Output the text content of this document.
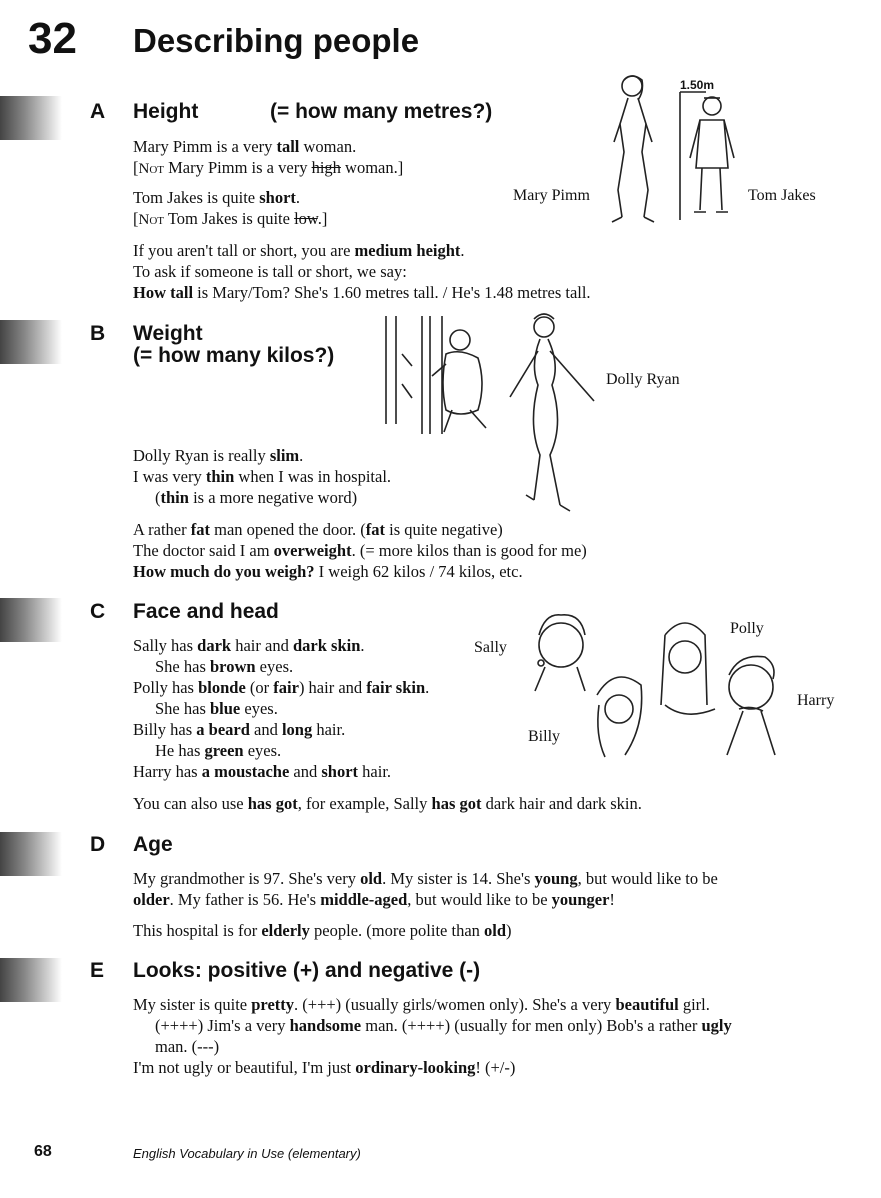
32 Describing people
A Height	(= how many metres?)
Mary Pimm is a very tall woman.
[Not Mary Pimm is a very high woman.]
Tom Jakes is quite short.
[Not Tom Jakes is quite low.]
If you aren't tall or short, you are medium height.
To ask if someone is tall or short, we say:
How tall is Mary/Tom? She's 1.60 metres tall. / He's 1.48 metres tall.
Mary Pimm	Tom Jakes
1.50m
B Weight
(= how many kilos?)
Dolly Ryan
Dolly Ryan is really slim.
I was very thin when I was in hospital.
(thin is a more negative word)
A rather fat man opened the door. (fat is quite negative)
The doctor said I am overweight. (= more kilos than is good for me)
How much do you weigh? I weigh 62 kilos / 74 kilos, etc.
C Face and head
Sally has dark hair and dark skin.
She has brown eyes.
Polly has blonde (or fair) hair and fair skin.
She has blue eyes.
Billy has a beard and long hair.
He has green eyes.
Harry has a moustache and short hair.
You can also use has got, for example, Sally has got dark hair and dark skin.
Sally
Polly
Billy
Harry
D Age
My grandmother is 97. She's very old. My sister is 14. She's young, but would like to be
older. My father is 56. He's middle-aged, but would like to be younger!
This hospital is for elderly people. (more polite than old)
E Looks: positive (+) and negative (-)
My sister is quite pretty. (+++) (usually girls/women only). She's a very beautiful girl.
(++++) Jim's a very handsome man. (++++) (usually for men only) Bob's a rather ugly
man. (---)
I'm not ugly or beautiful, I'm just ordinary-looking! (+/-)
68	English Vocabulary in Use (elementary)
